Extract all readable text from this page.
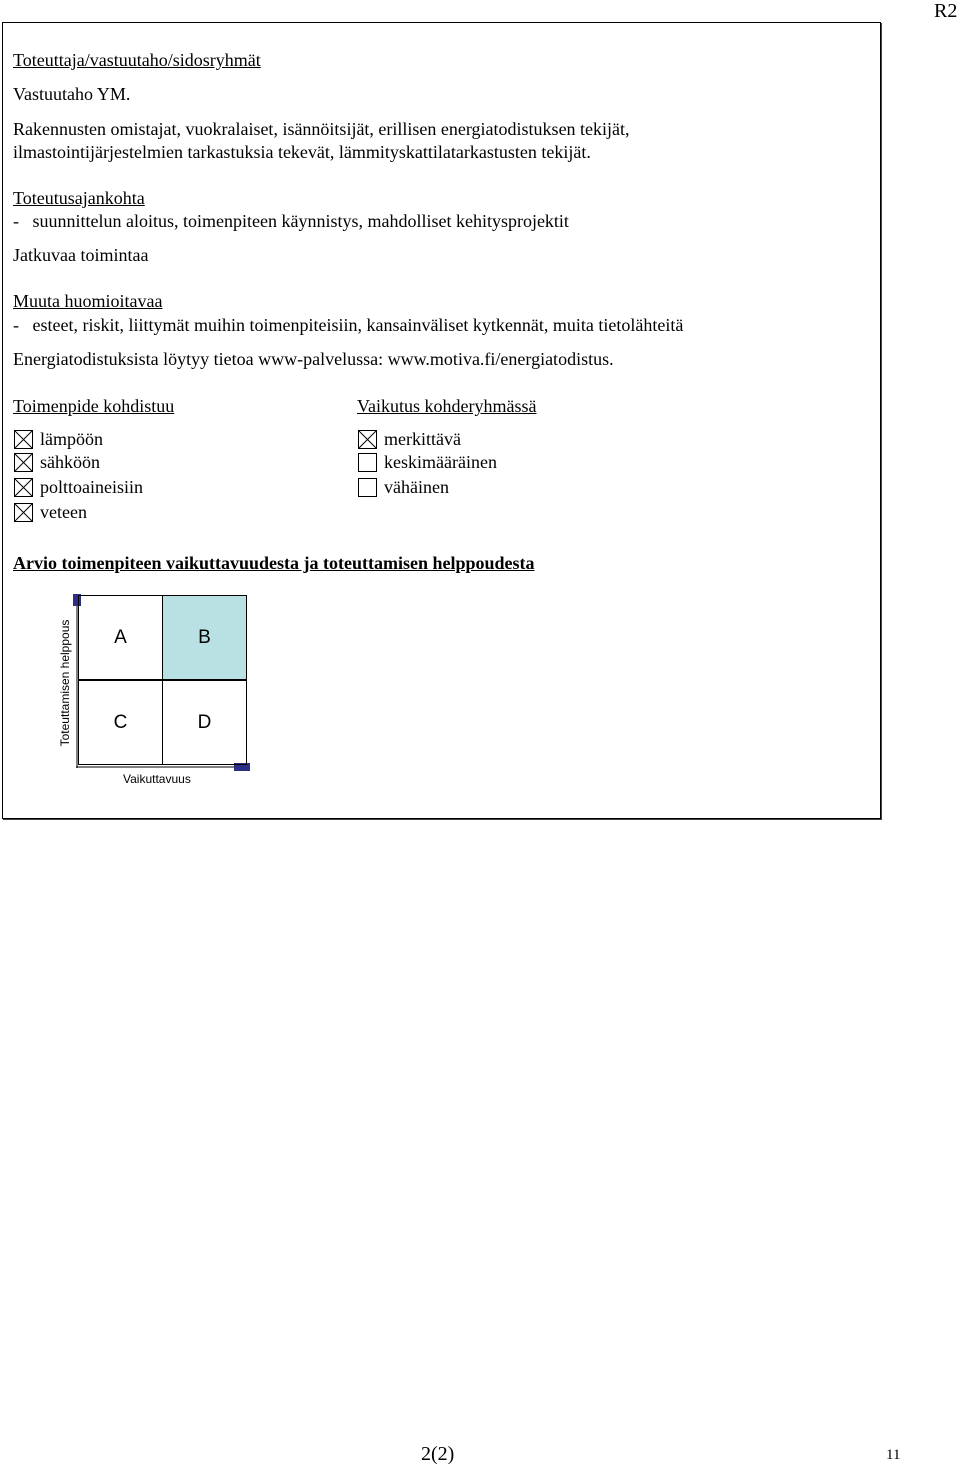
R2
Toteuttaja/vastuutaho/sidosryhmät
Vastuutaho YM.
Rakennusten omistajat, vuokralaiset, isännöitsijät, erillisen energiatodistuksen tekijät,
ilmastointijärjestelmien tarkastuksia tekevät, lämmityskattilatarkastusten tekijät.
Toteutusajankohta
-   suunnittelun aloitus, toimenpiteen käynnistys, mahdolliset kehitysprojektit
Jatkuvaa toimintaa
Muuta huomioitavaa
-   esteet, riskit, liittymät muihin toimenpiteisiin, kansainväliset kytkennät, muita tietolähteitä
Energiatodistuksista löytyy tietoa www-palvelussa: www.motiva.fi/energiatodistus.
Toimenpide kohdistuu
lämpöön
sähköön
polttoaineisiin
veteen
Vaikutus kohderyhmässä
merkittävä
keskimääräinen
vähäinen
Arvio toimenpiteen vaikuttavuudesta ja toteuttamisen helppoudesta
A	B
C	D
Toteuttamisen helppous
Vaikuttavuus
2(2)	11
